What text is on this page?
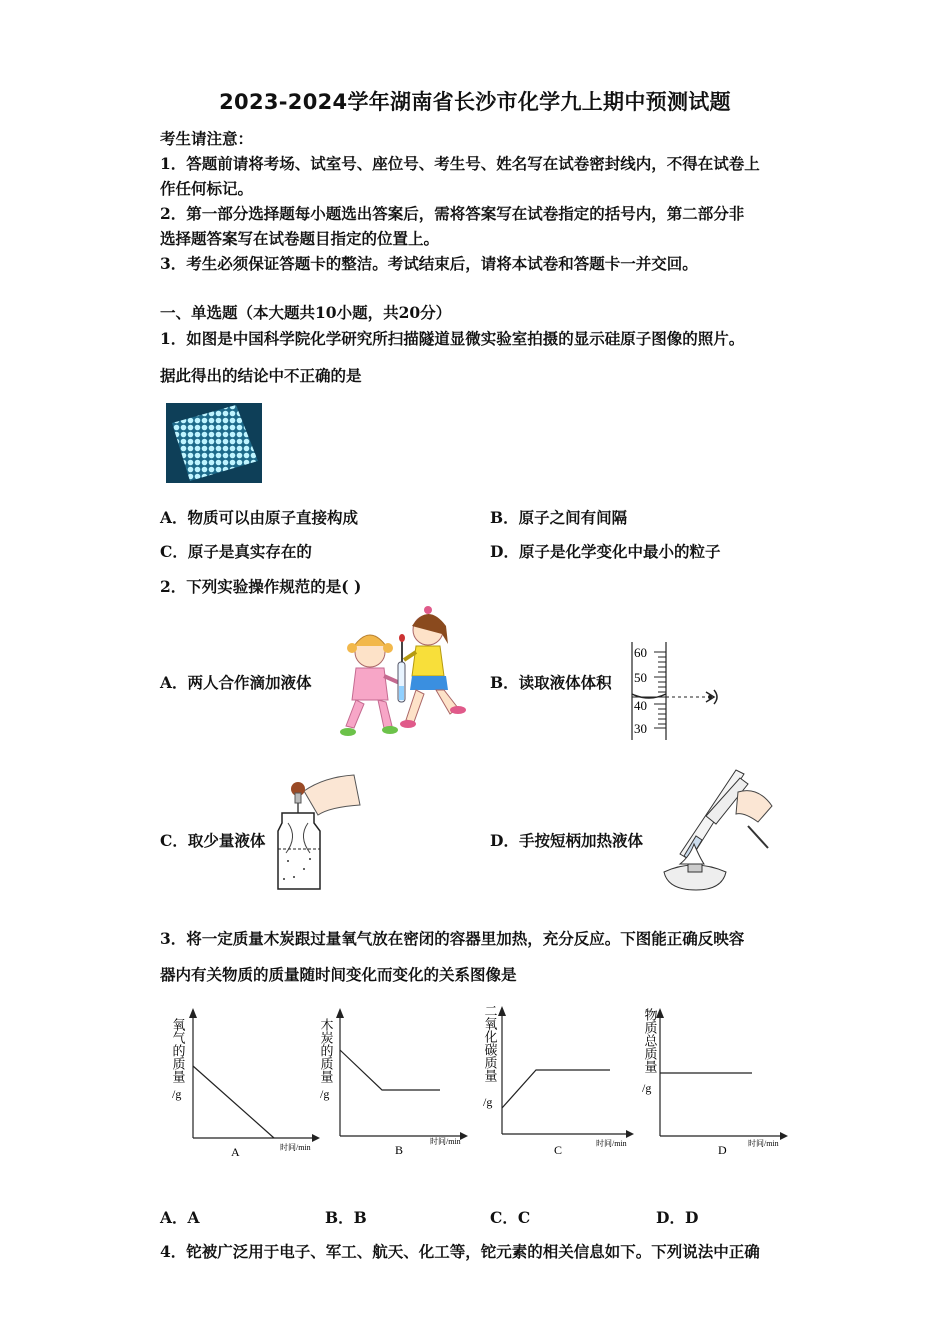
2023-2024学年湖南省长沙市化学九上期中预测试题
考生请注意：
1．答题前请将考场、试室号、座位号、考生号、姓名写在试卷密封线内，不得在试卷上
作任何标记。
2．第一部分选择题每小题选出答案后，需将答案写在试卷指定的括号内，第二部分非
选择题答案写在试卷题目指定的位置上。
3．考生必须保证答题卡的整洁。考试结束后，请将本试卷和答题卡一并交回。
一、单选题（本大题共10小题，共20分）
1．如图是中国科学院化学研究所扫描隧道显微实验室拍摄的显示硅原子图像的照片。
据此得出的结论中不正确的是
A．物质可以由原子直接构成	B．原子之间有间隔
C．原子是真实存在的	D．原子是化学变化中最小的粒子
2．下列实验操作规范的是( )
A．两人合作滴加液体	B．读取液体体积
60
50
40
30
C．取少量液体	D．手按短柄加热液体
3．将一定质量木炭跟过量氧气放在密闭的容器里加热，充分反应。下图能正确反映容
器内有关物质的质量随时间变化而变化的关系图像是
氧气的质量
/g
时间/min
A
木炭的质量
/g
时间/min
B
二氧化碳质量
/g
时间/min
C
物质总质量
/g
时间/min
D
A．A	B．B	C．C	D．D
4．铊被广泛用于电子、军工、航天、化工等，铊元素的相关信息如下。下列说法中正确
